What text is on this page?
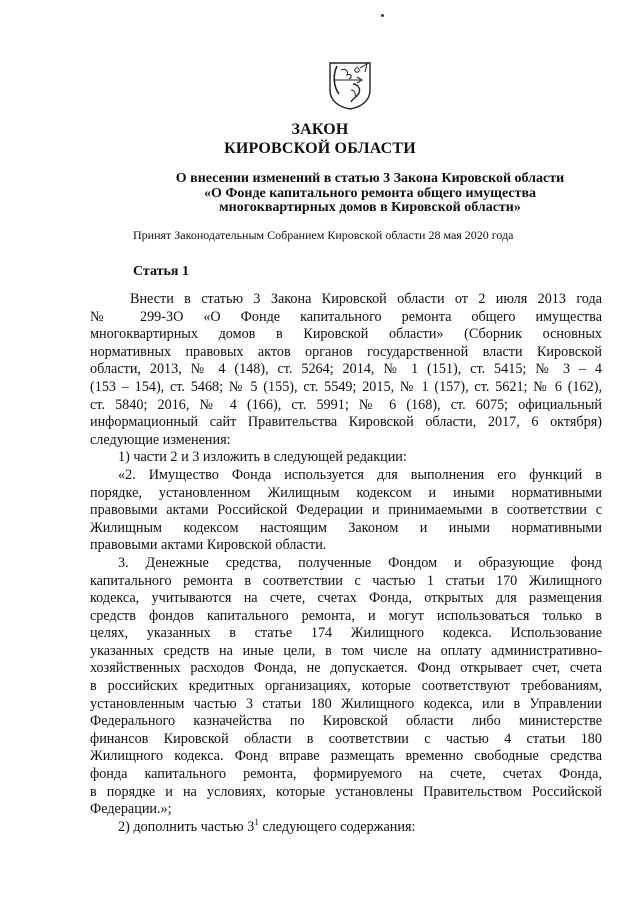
ЗАКОН
КИРОВСКОЙ ОБЛАСТИ
О внесении изменений в статью 3 Закона Кировской области
«О Фонде капитального ремонта общего имущества
многоквартирных домов в Кировской области»
Принят Законодательным Собранием Кировской области 28 мая 2020 года
Статья 1
Внести в статью 3 Закона Кировской области от 2 июля 2013 года
№ 299-ЗО «О Фонде капитального ремонта общего имущества
многоквартирных домов в Кировской области» (Сборник основных
нормативных правовых актов органов государственной власти Кировской
области, 2013, № 4 (148), ст. 5264; 2014, № 1 (151), ст. 5415; № 3 – 4
(153 – 154), ст. 5468; № 5 (155), ст. 5549; 2015, № 1 (157), ст. 5621; № 6 (162),
ст. 5840; 2016, № 4 (166), ст. 5991; № 6 (168), ст. 6075; официальный
информационный сайт Правительства Кировской области, 2017, 6 октября)
следующие изменения:
1) части 2 и 3 изложить в следующей редакции:
«2. Имущество Фонда используется для выполнения его функций в
порядке, установленном Жилищным кодексом и иными нормативными
правовыми актами Российской Федерации и принимаемыми в соответствии с
Жилищным кодексом настоящим Законом и иными нормативными
правовыми актами Кировской области.
3. Денежные средства, полученные Фондом и образующие фонд
капитального ремонта в соответствии с частью 1 статьи 170 Жилищного
кодекса, учитываются на счете, счетах Фонда, открытых для размещения
средств фондов капитального ремонта, и могут использоваться только в
целях, указанных в статье 174 Жилищного кодекса. Использование
указанных средств на иные цели, в том числе на оплату административно-
хозяйственных расходов Фонда, не допускается. Фонд открывает счет, счета
в российских кредитных организациях, которые соответствуют требованиям,
установленным частью 3 статьи 180 Жилищного кодекса, или в Управлении
Федерального казначейства по Кировской области либо министерстве
финансов Кировской области в соответствии с частью 4 статьи 180
Жилищного кодекса. Фонд вправе размещать временно свободные средства
фонда капитального ремонта, формируемого на счете, счетах Фонда,
в порядке и на условиях, которые установлены Правительством Российской
Федерации.»;
2) дополнить частью $3^1$ следующего содержания:
